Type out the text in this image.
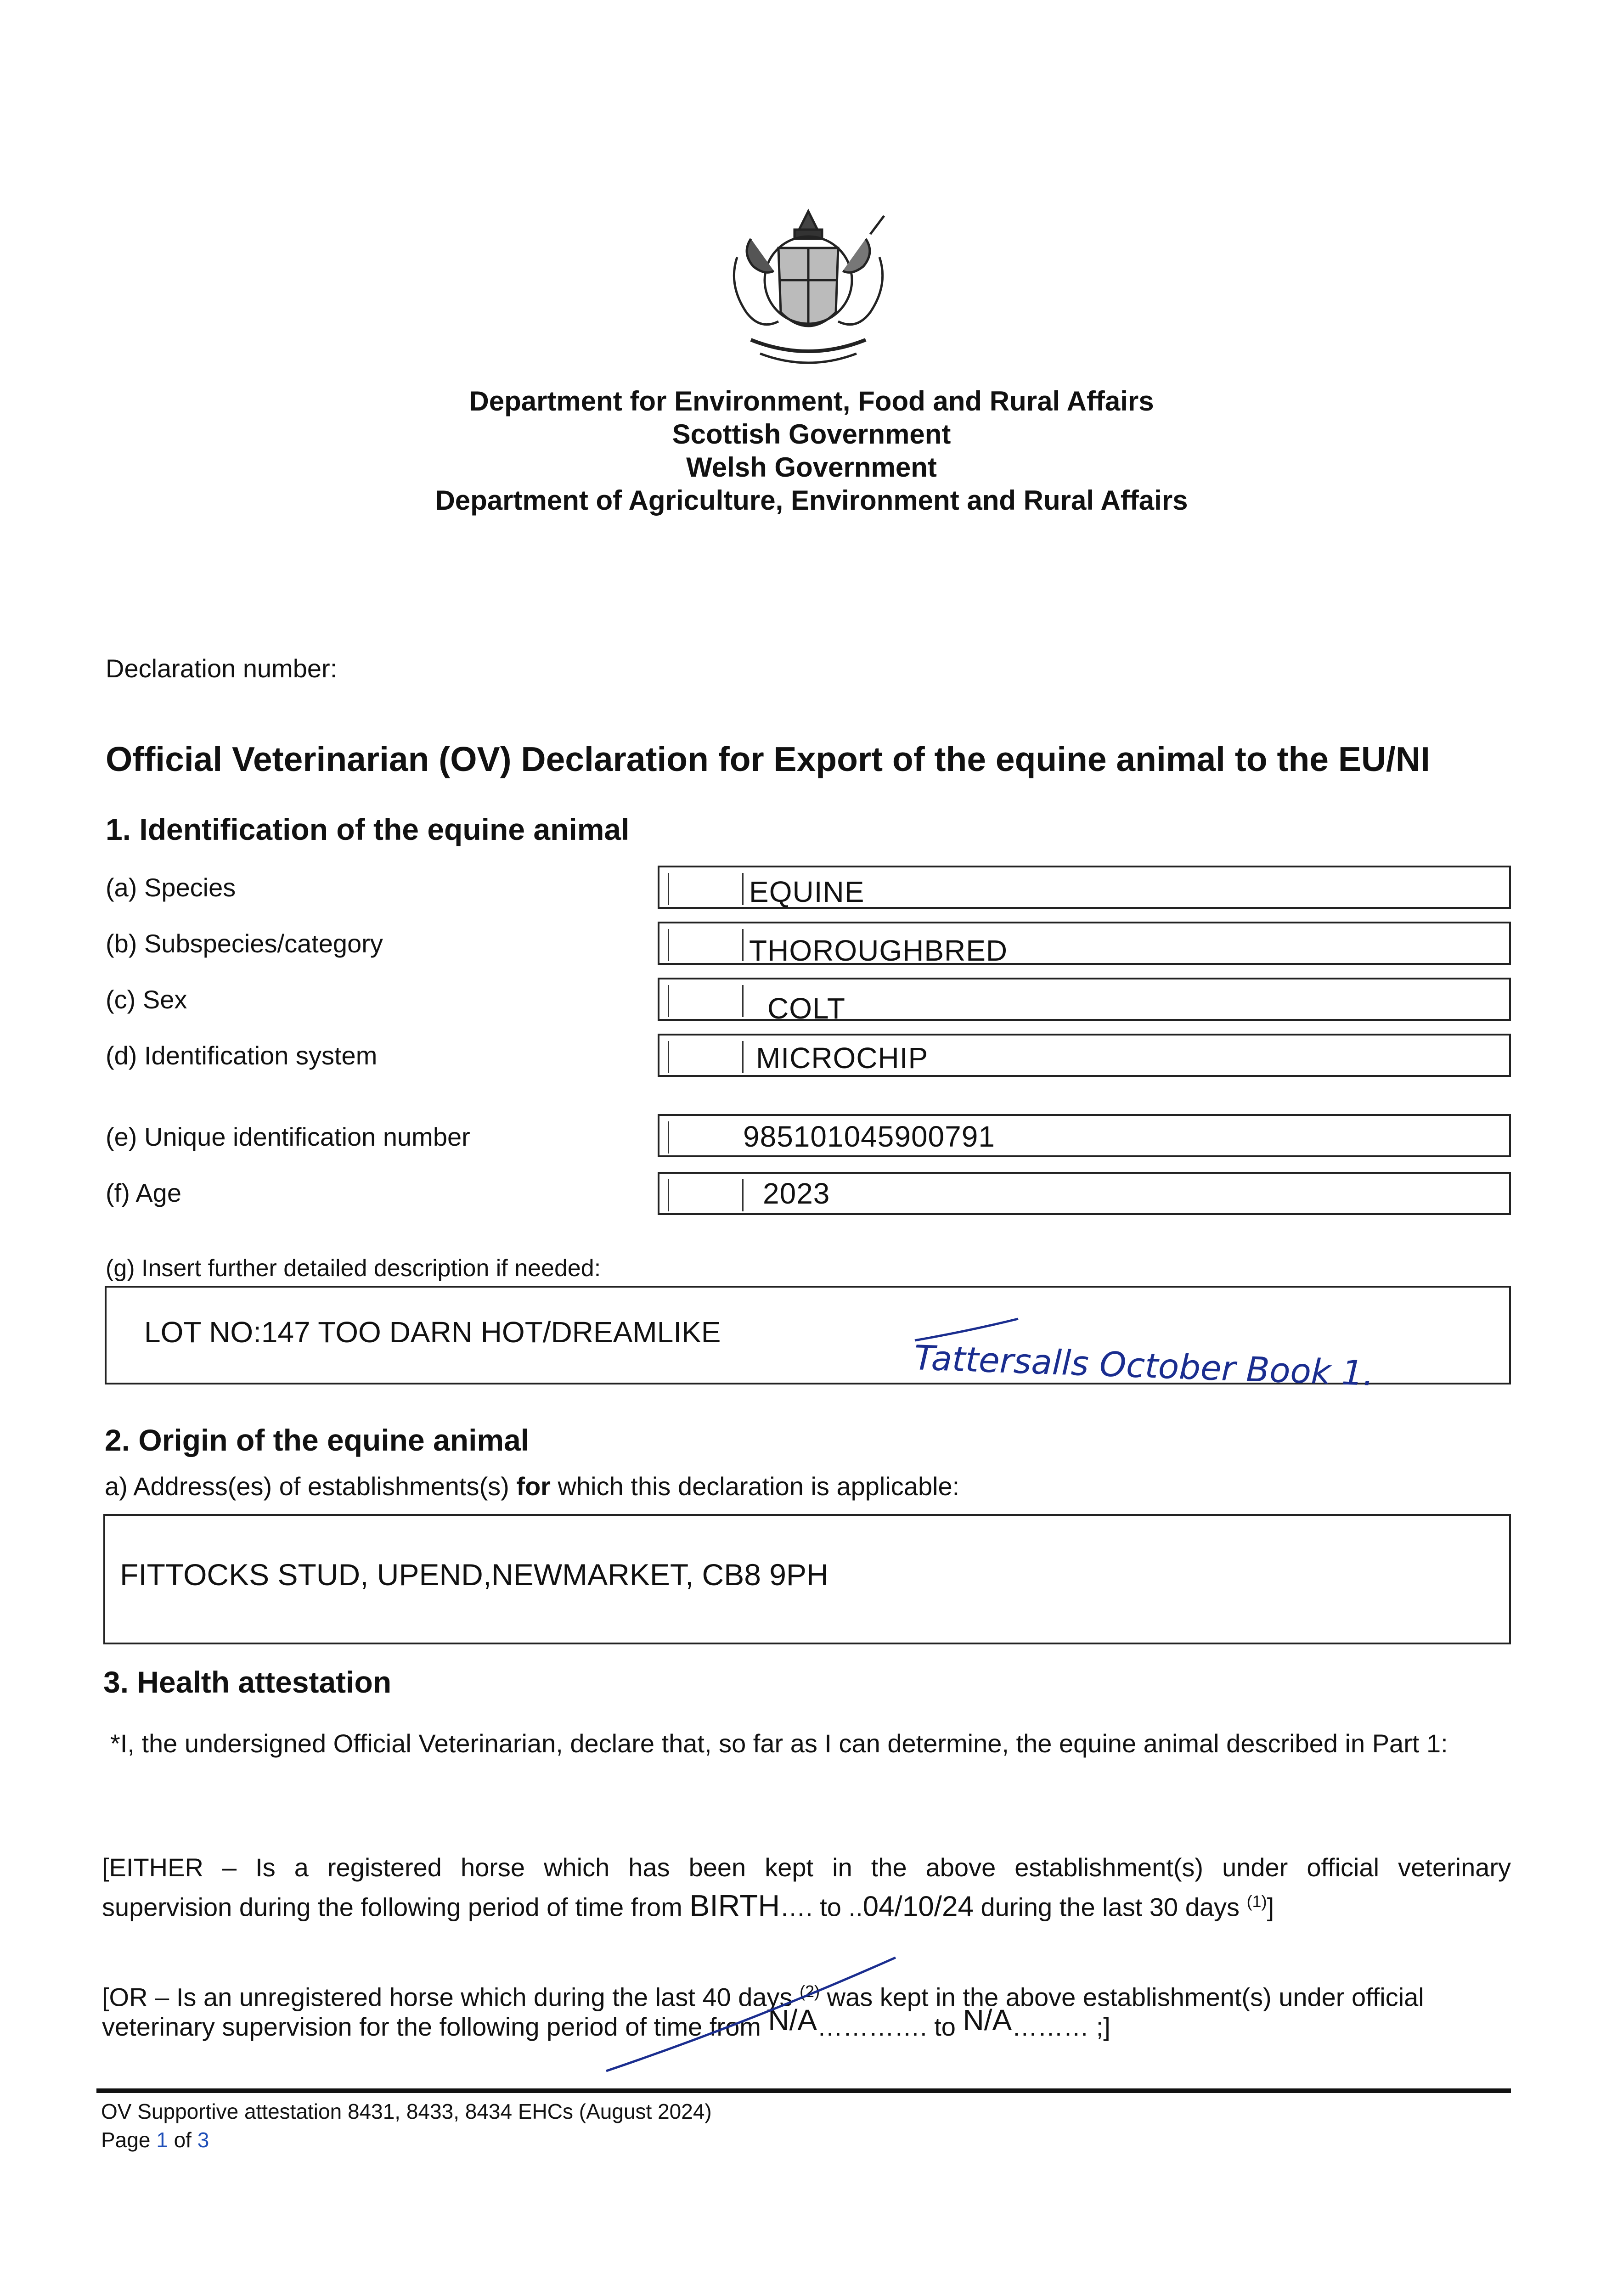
Department for Environment, Food and Rural Affairs
Scottish Government
Welsh Government
Department of Agriculture, Environment and Rural Affairs
Declaration number:
Official Veterinarian (OV) Declaration for Export of the equine animal to the EU/NI
1. Identification of the equine animal
(a) Species	EQUINE
(b) Subspecies/category	THOROUGHBRED
(c) Sex	COLT
(d) Identification system	MICROCHIP
(e) Unique identification number	985101045900791
(f) Age	2023
(g) Insert further detailed description if needed:
LOT NO:147 TOO DARN HOT/DREAMLIKE
Tattersalls October Book 1.
2. Origin of the equine animal
a) Address(es) of establishments(s) for which this declaration is applicable:
FITTOCKS STUD, UPEND,NEWMARKET, CB8 9PH
3. Health attestation
*I, the undersigned Official Veterinarian, declare that, so far as I can determine, the equine animal described in Part 1:
[EITHER – Is a registered horse which has been kept in the above establishment(s) under official veterinary
supervision during the following period of time from BIRTH…. to ..04/10/24 during the last 30 days $^{(1)}$]
[OR – Is an unregistered horse which during the last 40 days $^{(2)}$ was kept in the above establishment(s) under official
veterinary supervision for the following period of time from N/A…………. to N/A……… ;]
OV Supportive attestation 8431, 8433, 8434 EHCs (August 2024)
Page 1 of 3
